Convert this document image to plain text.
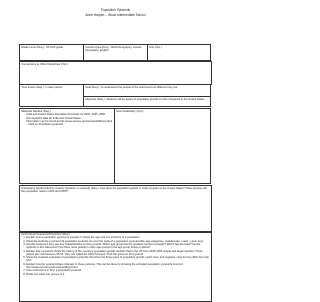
Population Pyramids
Anne Harpert – Wood Intermediate School
Grade Level (Req.): 7th-10th grade	Content Area (Req.): World Geography, Human Geography, English	Unit (Opt.):
Connections to Other Disciplines (Opt.):
•
•
•
Time Frame (Req.): 1 class period	Goal (Req.): To understand the people of the world and how different they are.
Objective (Req.): Students will be aware of population growth in India compared to the United States.
Materials Needed (Req.):
• India and United States Population Pyramids for 2000, 2025, 2050
• Demographic data for India and United States
• Information can be found at http://www.census.gov/ipc/www/idbnew.html – Click on Population pyramids
•
•
•
•

New Vocabulary (Opt.):
•
•
•
•
Anticipatory Set/Introduction (Inquiry Question is required) (Req.): How does the population growth in India compare to the United States? What services will the population need in 2025 and 2050?
Instructional Sequence/Procedure (Req.):
1. Explain how a population pyramid is created. It shows the age and sex structure of a population.
2. Show the students a current US population pyramid. Go over the parts of a population pyramid (title, age categories, male/female, x-axis, y-axis, key)
3. Ask the students if they see any characteristics on this pyramid. Which age group has the greatest number of people? Which has the least? Do the students in this classroom? Are there more people in other age groups in the age group below or above?
4. Explain that a pyramid shows the history of the country's population growth. Explain that in the US from 1945-1965 people had larger families. These people are now between 35-55. They are called the baby boomers. Find this group on the pyramid.
5. Show the students examples of population pyramids that show the three types of population growth: rapid, slow, and negative. How do they differ from the US?
6. Explain how the pyramid shape changes in these pictures. This can be done by showing the animated population pyramids found at http://www.census.gov/ipc/www/idbpyr.html
7. Give instructions to fill in a population pyramid.
8. Divide the class into groups of 2.
